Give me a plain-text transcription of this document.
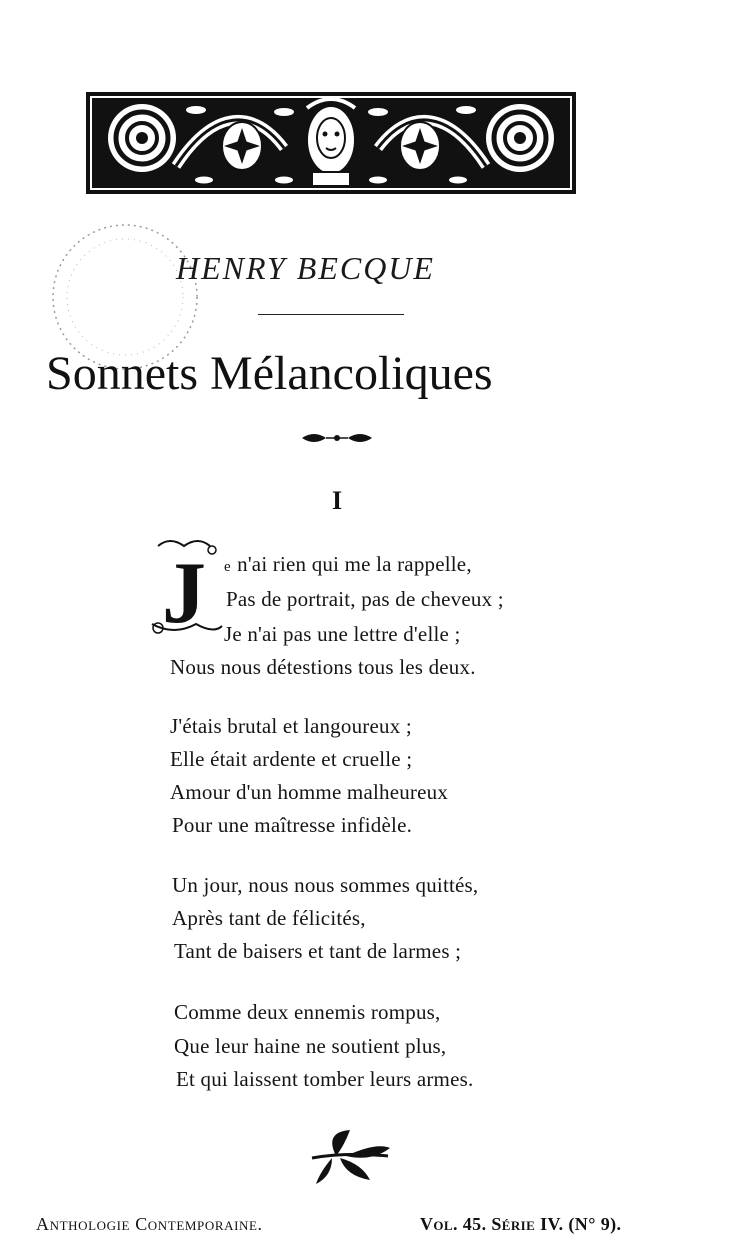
HENRY BECQUE
Sonnets Mélancoliques
I
J e n'ai rien qui me la rappelle,
Pas de portrait, pas de cheveux ;
Je n'ai pas une lettre d'elle ;
Nous nous détestions tous les deux.
J'étais brutal et langoureux ;
Elle était ardente et cruelle ;
Amour d'un homme malheureux
Pour une maîtresse infidèle.
Un jour, nous nous sommes quittés,
Après tant de félicités,
Tant de baisers et tant de larmes ;
Comme deux ennemis rompus,
Que leur haine ne soutient plus,
Et qui laissent tomber leurs armes.
Anthologie Contemporaine.	Vol. 45. Série IV. (N° 9).
